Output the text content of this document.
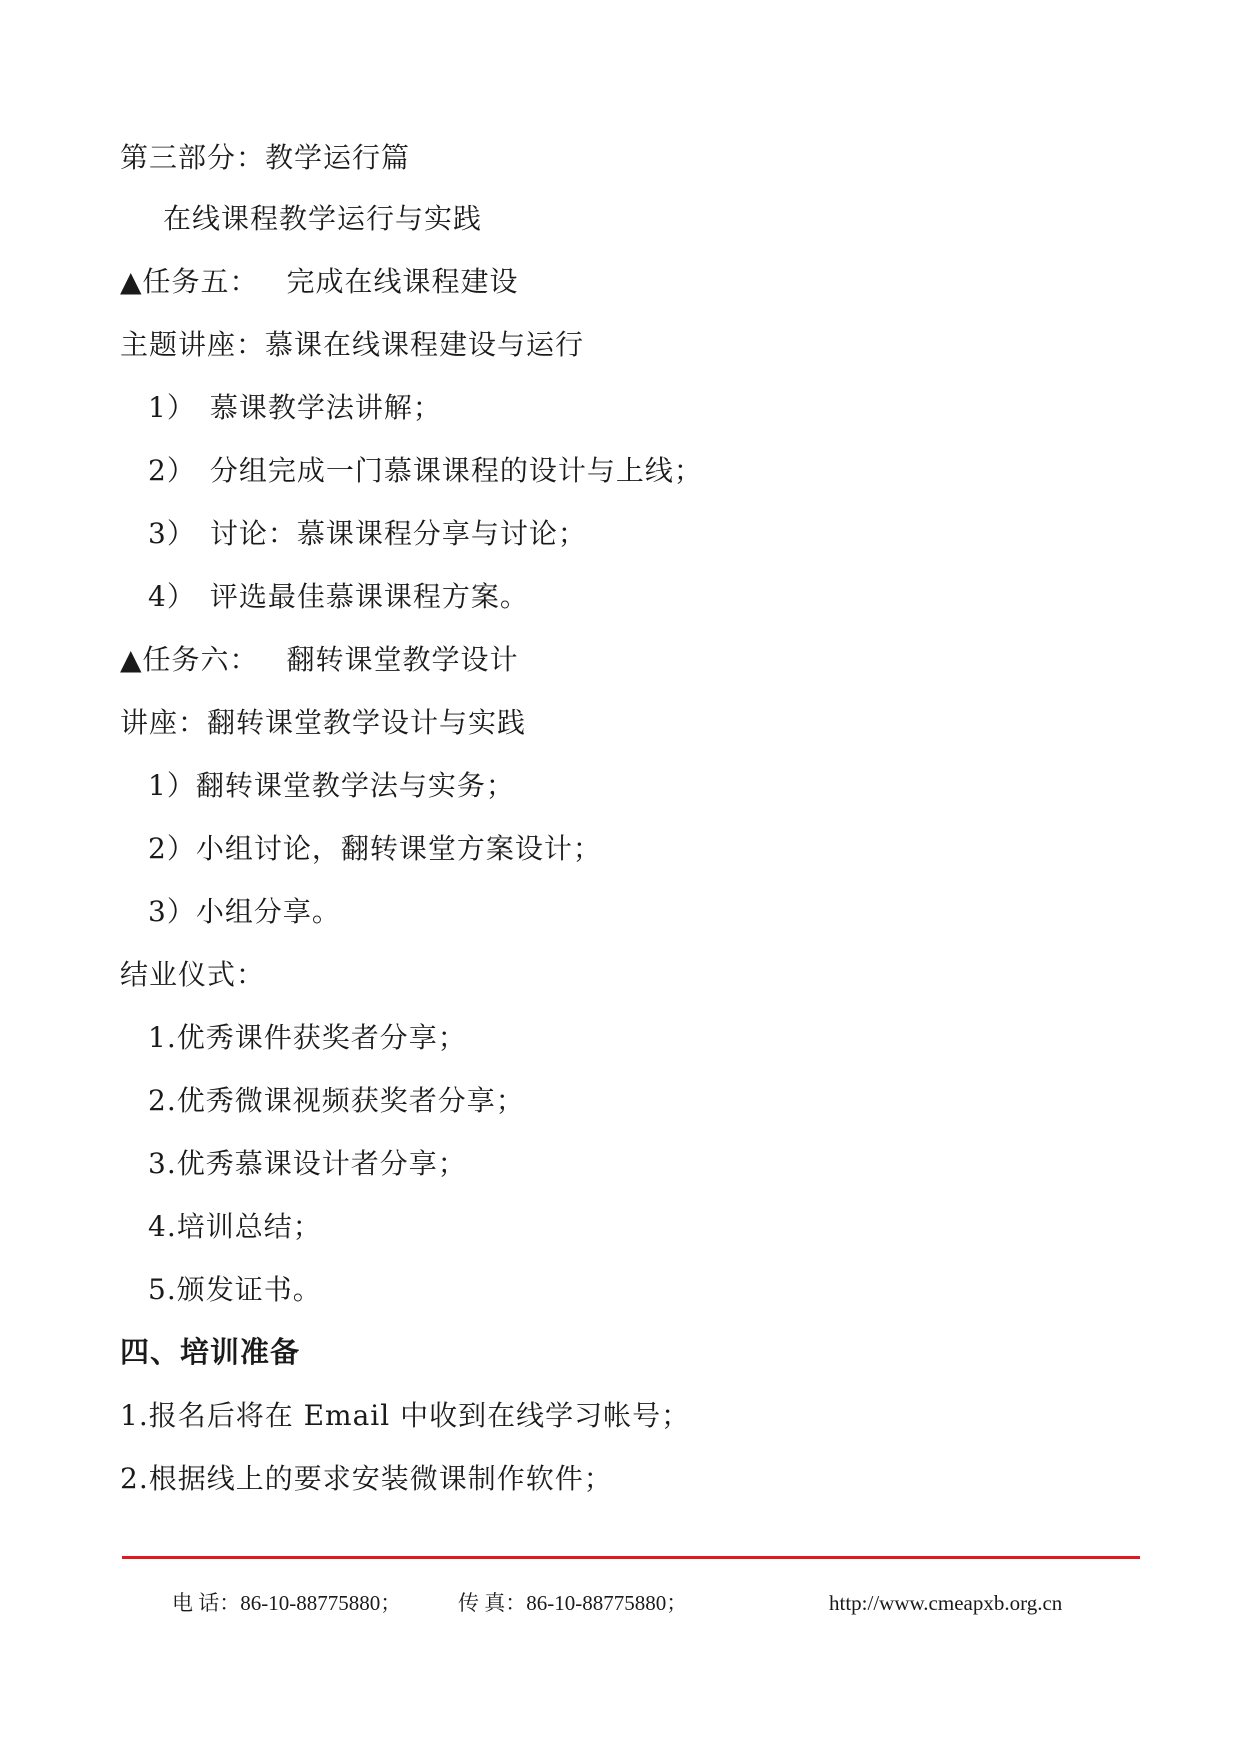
第三部分：教学运行篇
在线课程教学运行与实践
▲任务五： 完成在线课程建设
主题讲座：慕课在线课程建设与运行
1） 慕课教学法讲解；
2） 分组完成一门慕课课程的设计与上线；
3） 讨论：慕课课程分享与讨论；
4） 评选最佳慕课课程方案。
▲任务六： 翻转课堂教学设计
讲座：翻转课堂教学设计与实践
1）翻转课堂教学法与实务；
2）小组讨论，翻转课堂方案设计；
3）小组分享。
结业仪式：
1.优秀课件获奖者分享；
2.优秀微课视频获奖者分享；
3.优秀慕课设计者分享；
4.培训总结；
5.颁发证书。
四、培训准备
1.报名后将在 Email 中收到在线学习帐号；
2.根据线上的要求安装微课制作软件；
电 话：86-10-88775880；	传 真：86-10-88775880；	http://www.cmeapxb.org.cn
